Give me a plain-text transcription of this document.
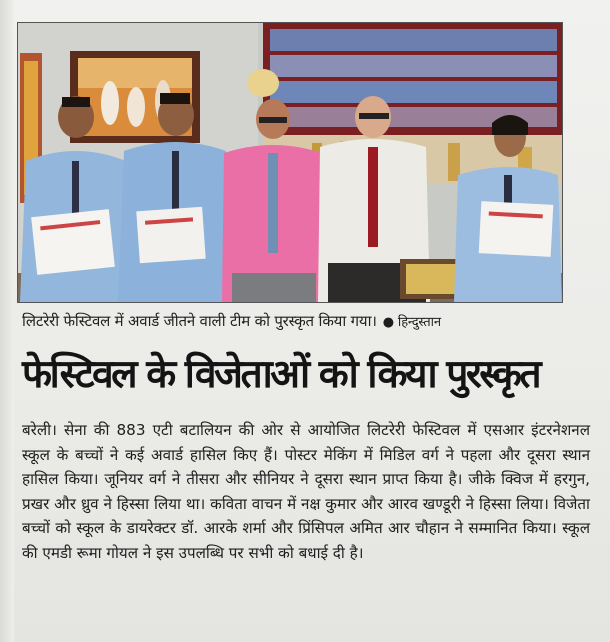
लिटरेरी फेस्टिवल में अवार्ड जीतने वाली टीम को पुरस्कृत किया गया। ● हिन्दुस्तान
फेस्टिवल के विजेताओं को किया पुरस्कृत
बरेली। सेना की 883 एटी बटालियन की ओर से आयोजित लिटरेरी फेस्टिवल में एसआर इंटरनेशनल स्कूल के बच्चों ने कई अवार्ड हासिल किए हैं। पोस्टर मेकिंग में मिडिल वर्ग ने पहला और दूसरा स्थान हासिल किया। जूनियर वर्ग ने तीसरा और सीनियर ने दूसरा स्थान प्राप्त किया है। जीके क्विज में हरगुन, प्रखर और ध्रुव ने हिस्सा लिया था। कविता वाचन में नक्ष कुमार और आरव खण्डूरी ने हिस्सा लिया। विजेता बच्चों को स्कूल के डायरेक्टर डॉ. आरके शर्मा और प्रिंसिपल अमित आर चौहान ने सम्मानित किया। स्कूल की एमडी रूमा गोयल ने इस उपलब्धि पर सभी को बधाई दी है।
